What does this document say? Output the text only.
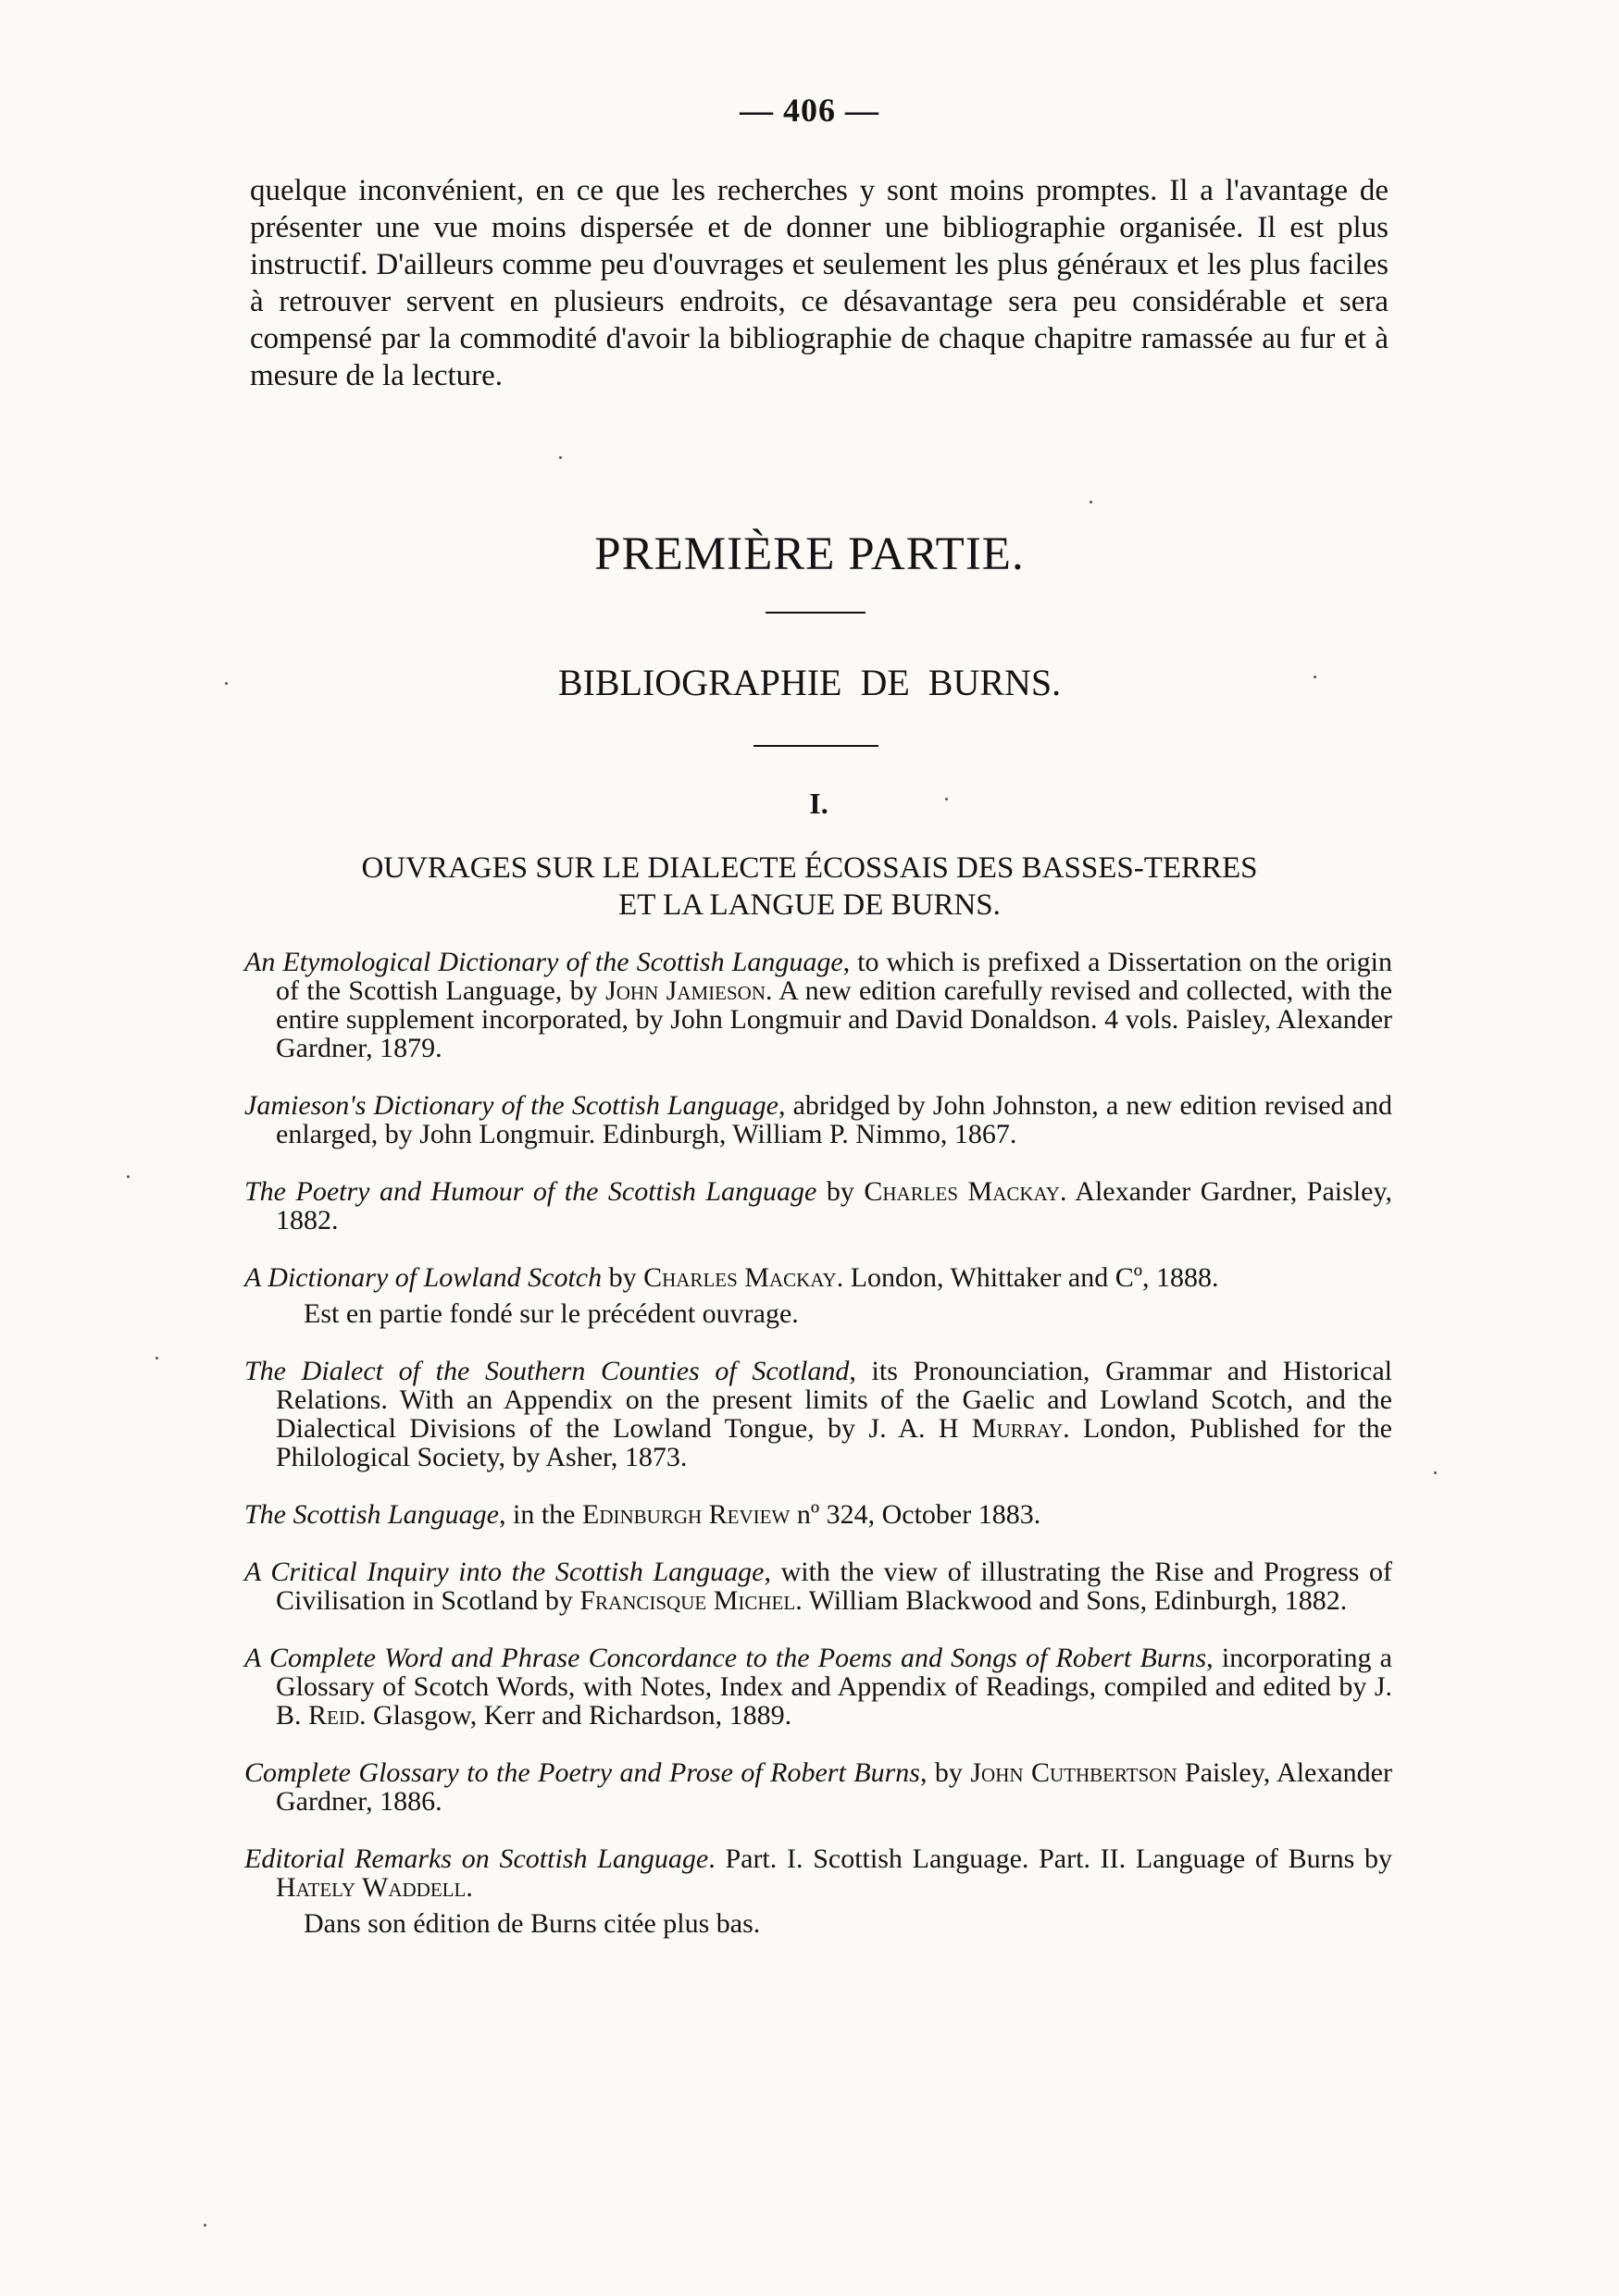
— 406 —

quelque inconvénient, en ce que les recherches y sont moins promptes. Il a l'avantage de présenter une vue moins dispersée et de donner une bibliographie organisée. Il est plus instructif. D'ailleurs comme peu d'ouvrages et seulement les plus généraux et les plus faciles à retrouver servent en plusieurs endroits, ce désavantage sera peu considérable et sera compensé par la commodité d'avoir la bibliographie de chaque chapitre ramassée au fur et à mesure de la lecture.

PREMIÈRE PARTIE.
BIBLIOGRAPHIE DE BURNS.
I.
OUVRAGES SUR LE DIALECTE ÉCOSSAIS DES BASSES-TERRES
ET LA LANGUE DE BURNS.
An Etymological Dictionary of the Scottish Language, to which is prefixed a Dissertation on the origin of the Scottish Language, by John Jamieson. A new edition carefully revised and collected, with the entire supplement incorporated, by John Longmuir and David Donaldson. 4 vols. Paisley, Alexander Gardner, 1879.
Jamieson's Dictionary of the Scottish Language, abridged by John Johnston, a new edition revised and enlarged, by John Longmuir. Edinburgh, William P. Nimmo, 1867.
The Poetry and Humour of the Scottish Language by Charles Mackay. Alexander Gardner, Paisley, 1882.
A Dictionary of Lowland Scotch by Charles Mackay. London, Whittaker and Cº, 1888.
Est en partie fondé sur le précédent ouvrage.
The Dialect of the Southern Counties of Scotland, its Pronounciation, Grammar and Historical Relations. With an Appendix on the present limits of the Gaelic and Lowland Scotch, and the Dialectical Divisions of the Lowland Tongue, by J. A. H Murray. London, Published for the Philological Society, by Asher, 1873.
The Scottish Language, in the Edinburgh Review nº 324, October 1883.
A Critical Inquiry into the Scottish Language, with the view of illustrating the Rise and Progress of Civilisation in Scotland by Francisque Michel. William Blackwood and Sons, Edinburgh, 1882.
A Complete Word and Phrase Concordance to the Poems and Songs of Robert Burns, incorporating a Glossary of Scotch Words, with Notes, Index and Appendix of Readings, compiled and edited by J. B. Reid. Glasgow, Kerr and Richardson, 1889.
Complete Glossary to the Poetry and Prose of Robert Burns, by John Cuthbertson Paisley, Alexander Gardner, 1886.
Editorial Remarks on Scottish Language. Part. I. Scottish Language. Part. II. Language of Burns by Hately Waddell.
Dans son édition de Burns citée plus bas.
